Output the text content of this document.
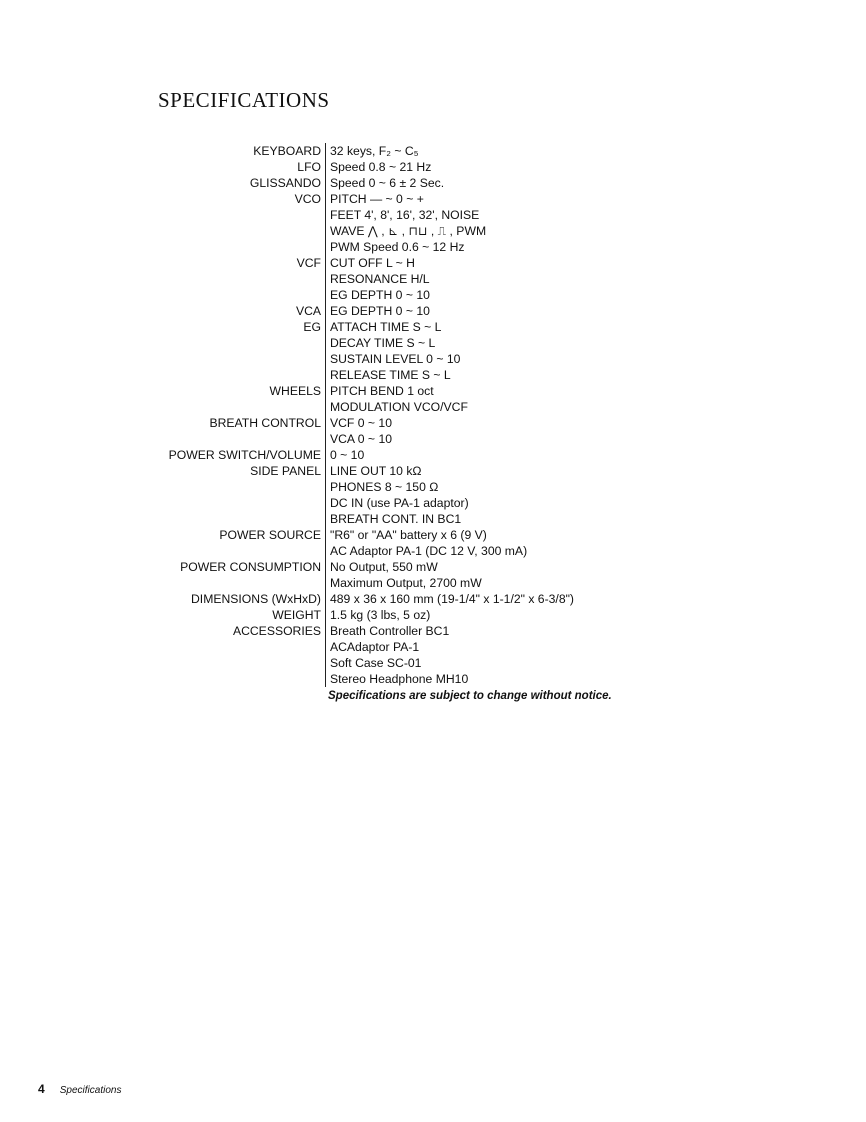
SPECIFICATIONS
KEYBOARD	32 keys, F₂ ~ C₅
LFO	Speed 0.8 ~ 21 Hz
GLISSANDO	Speed 0 ~ 6 ± 2 Sec.
VCO	PITCH — ~ 0 ~ +
	FEET 4', 8', 16', 32', NOISE
	WAVE ⋀ , ⊾ , ⊓⊔ , ⎍ , PWM
	PWM Speed 0.6 ~ 12 Hz
VCF	CUT OFF L ~ H
	RESONANCE H/L
	EG DEPTH 0 ~ 10
VCA	EG DEPTH 0 ~ 10
EG	ATTACH TIME S ~ L
	DECAY TIME S ~ L
	SUSTAIN LEVEL 0 ~ 10
	RELEASE TIME S ~ L
WHEELS	PITCH BEND 1 oct
	MODULATION VCO/VCF
BREATH CONTROL	VCF 0 ~ 10
	VCA 0 ~ 10
POWER SWITCH/VOLUME	0 ~ 10
SIDE PANEL	LINE OUT 10 kΩ
	PHONES 8 ~ 150 Ω
	DC IN (use PA-1 adaptor)
	BREATH CONT. IN BC1
POWER SOURCE	"R6" or "AA" battery x 6 (9 V)
	AC Adaptor PA-1 (DC 12 V, 300 mA)
POWER CONSUMPTION	No Output, 550 mW
	Maximum Output, 2700 mW
DIMENSIONS (WxHxD)	489 x 36 x 160 mm (19-1/4" x 1-1/2" x 6-3/8")
WEIGHT	1.5 kg (3 lbs, 5 oz)
ACCESSORIES	Breath Controller BC1
	ACAdaptor PA-1
	Soft Case SC-01
	Stereo Headphone MH10

Specifications are subject to change without notice.

4 Specifications
